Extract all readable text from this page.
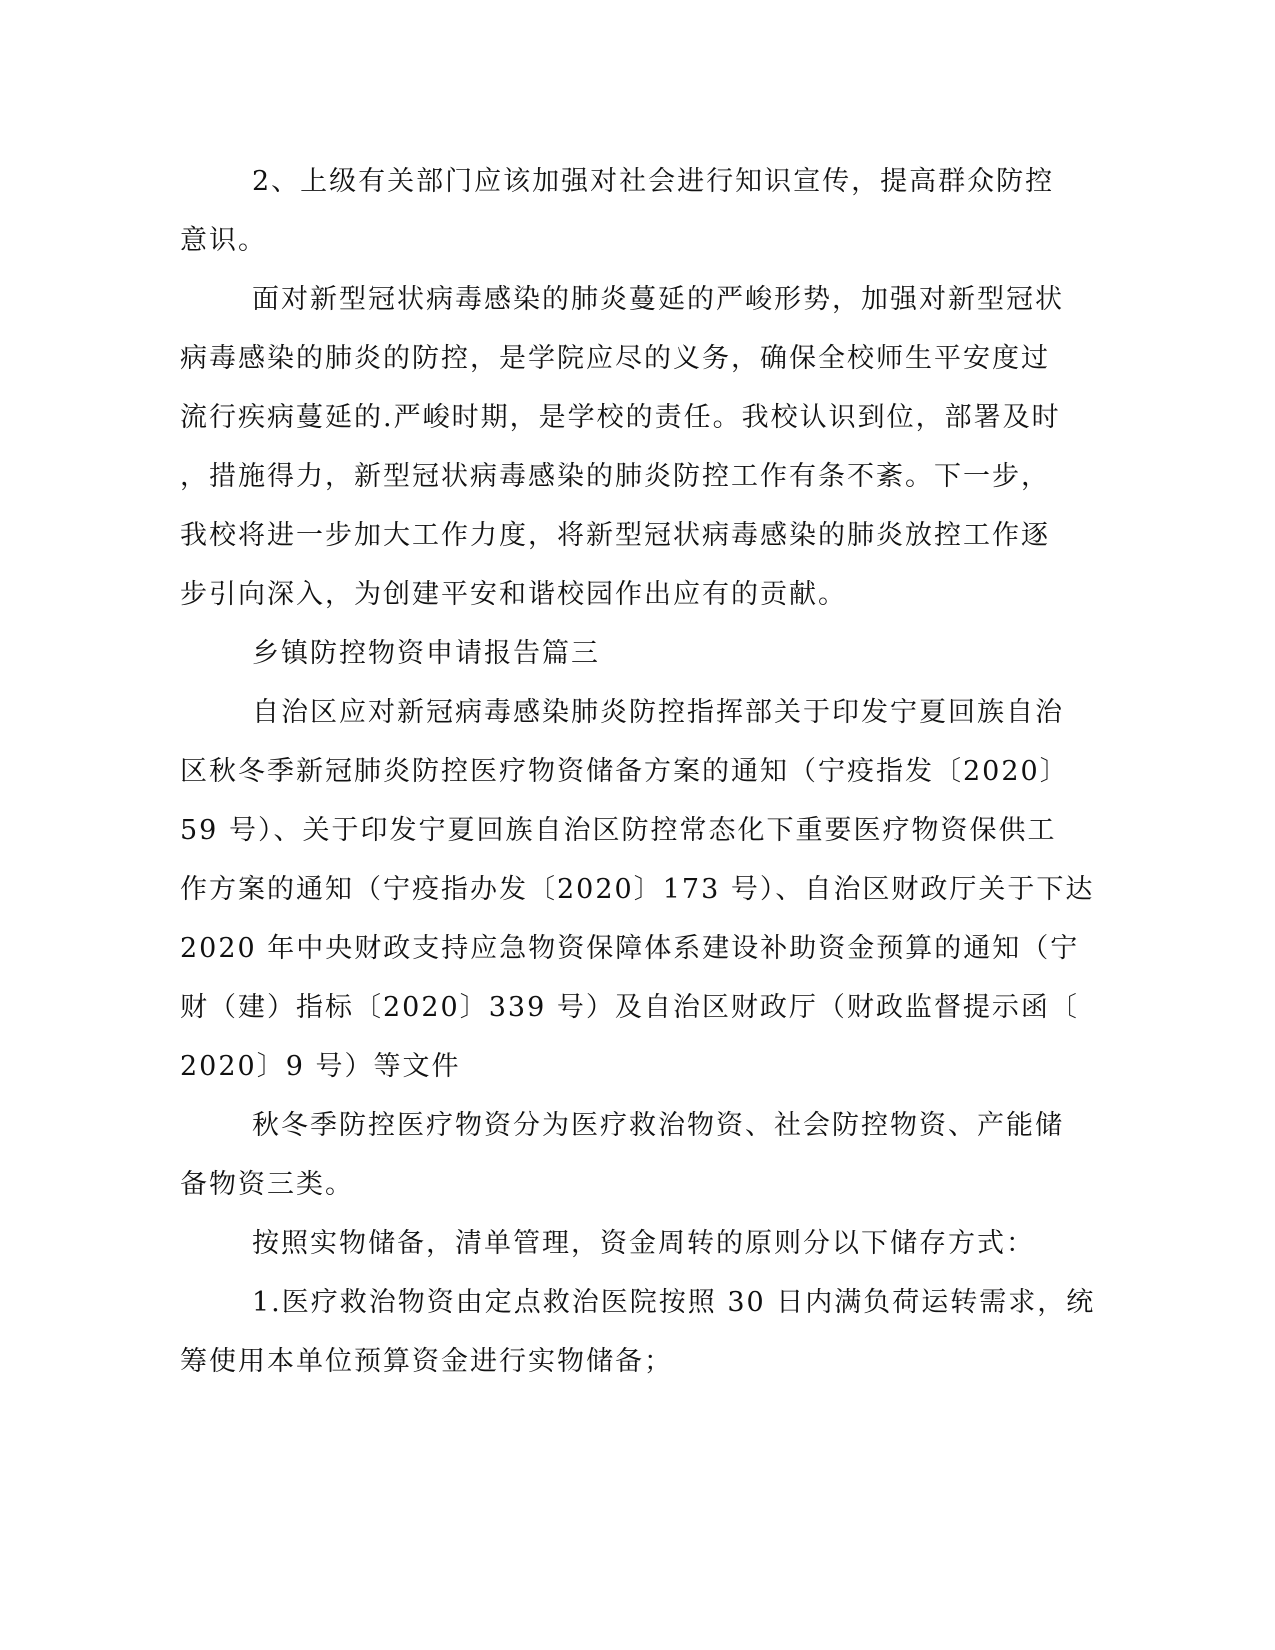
2、上级有关部门应该加强对社会进行知识宣传，提高群众防控
意识。
面对新型冠状病毒感染的肺炎蔓延的严峻形势，加强对新型冠状
病毒感染的肺炎的防控，是学院应尽的义务，确保全校师生平安度过
流行疾病蔓延的.严峻时期，是学校的责任。我校认识到位，部署及时
，措施得力，新型冠状病毒感染的肺炎防控工作有条不紊。下一步，
我校将进一步加大工作力度，将新型冠状病毒感染的肺炎放控工作逐
步引向深入，为创建平安和谐校园作出应有的贡献。
乡镇防控物资申请报告篇三
自治区应对新冠病毒感染肺炎防控指挥部关于印发宁夏回族自治
区秋冬季新冠肺炎防控医疗物资储备方案的通知（宁疫指发〔2020〕
59 号）、关于印发宁夏回族自治区防控常态化下重要医疗物资保供工
作方案的通知（宁疫指办发〔2020〕173 号）、自治区财政厅关于下达
2020 年中央财政支持应急物资保障体系建设补助资金预算的通知（宁
财（建）指标〔2020〕339 号）及自治区财政厅（财政监督提示函〔
2020〕9 号）等文件
秋冬季防控医疗物资分为医疗救治物资、社会防控物资、产能储
备物资三类。
按照实物储备，清单管理，资金周转的原则分以下储存方式：
1.医疗救治物资由定点救治医院按照 30 日内满负荷运转需求，统
筹使用本单位预算资金进行实物储备；
